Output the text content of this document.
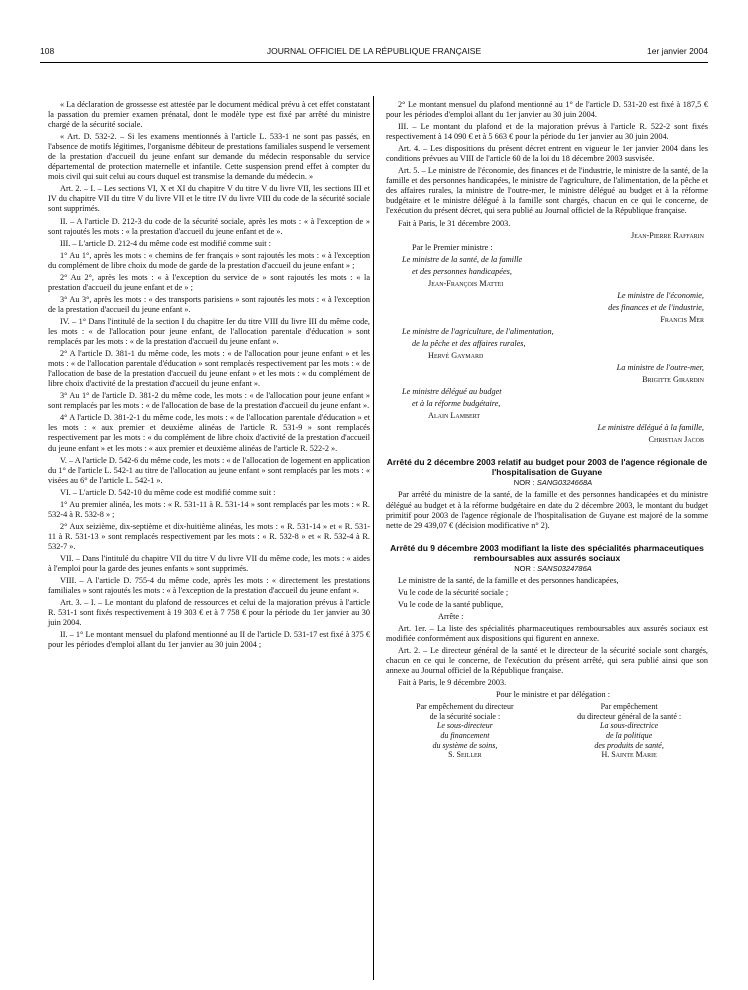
108	JOURNAL OFFICIEL DE LA RÉPUBLIQUE FRANÇAISE	1er janvier 2004

« La déclaration de grossesse est attestée par le document médical prévu à cet effet constatant la passation du premier examen prénatal, dont le modèle type est fixé par arrêté du ministre chargé de la sécurité sociale.

« Art. D. 532-2. – Si les examens mentionnés à l'article L. 533-1 ne sont pas passés, en l'absence de motifs légitimes, l'organisme débiteur de prestations familiales suspend le versement de la prestation d'accueil du jeune enfant sur demande du médecin responsable du service départemental de protection maternelle et infantile. Cette suspension prend effet à compter du mois civil qui suit celui au cours duquel est transmise la demande du médecin. »

Art. 2. – I. – Les sections VI, X et XI du chapitre V du titre V du livre VII, les sections III et IV du chapitre VII du titre V du livre VII et le titre IV du livre VIII du code de la sécurité sociale sont supprimés.

II. – A l'article D. 212-3 du code de la sécurité sociale, après les mots : « à l'exception de » sont rajoutés les mots : « la prestation d'accueil du jeune enfant et de ».

III. – L'article D. 212-4 du même code est modifié comme suit :

1° Au 1°, après les mots : « chemins de fer français » sont rajoutés les mots : « à l'exception du complément de libre choix du mode de garde de la prestation d'accueil du jeune enfant » ;

2° Au 2°, après les mots : « à l'exception du service de » sont rajoutés les mots : « la prestation d'accueil du jeune enfant et de » ;

3° Au 3°, après les mots : « des transports parisiens » sont rajoutés les mots : « à l'exception de la prestation d'accueil du jeune enfant ».

IV. – 1° Dans l'intitulé de la section I du chapitre Ier du titre VIII du livre III du même code, les mots : « de l'allocation pour jeune enfant, de l'allocation parentale d'éducation » sont remplacés par les mots : « de la prestation d'accueil du jeune enfant ».

2° A l'article D. 381-1 du même code, les mots : « de l'allocation pour jeune enfant » et les mots : « de l'allocation parentale d'éducation » sont remplacés respectivement par les mots : « de l'allocation de base de la prestation d'accueil du jeune enfant » et les mots : « du complément de libre choix d'activité de la prestation d'accueil du jeune enfant ».

3° Au 1° de l'article D. 381-2 du même code, les mots : « de l'allocation pour jeune enfant » sont remplacés par les mots : « de l'allocation de base de la prestation d'accueil du jeune enfant ».

4° A l'article D. 381-2-1 du même code, les mots : « de l'allocation parentale d'éducation » et les mots : « aux premier et deuxième alinéas de l'article R. 531-9 » sont remplacés respectivement par les mots : « du complément de libre choix d'activité de la prestation d'accueil du jeune enfant » et les mots : « aux premier et deuxième alinéas de l'article R. 522-2 ».

V. – A l'article D. 542-6 du même code, les mots : « de l'allocation de logement en application du 1° de l'article L. 542-1 au titre de l'allocation au jeune enfant » sont remplacés par les mots : « visées au 6° de l'article L. 542-1 ».

VI. – L'article D. 542-10 du même code est modifié comme suit :

1° Au premier alinéa, les mots : « R. 531-11 à R. 531-14 » sont remplacés par les mots : « R. 532-4 à R. 532-8 » ;

2° Aux seizième, dix-septième et dix-huitième alinéas, les mots : « R. 531-14 » et « R. 531-11 à R. 531-13 » sont remplacés respectivement par les mots : « R. 532-8 » et « R. 532-4 à R. 532-7 ».

VII. – Dans l'intitulé du chapitre VII du titre V du livre VII du même code, les mots : « aides à l'emploi pour la garde des jeunes enfants » sont supprimés.

VIII. – A l'article D. 755-4 du même code, après les mots : « directement les prestations familiales » sont rajoutés les mots : « à l'exception de la prestation d'accueil du jeune enfant ».

Art. 3. – I. – Le montant du plafond de ressources et celui de la majoration prévus à l'article R. 531-1 sont fixés respectivement à 19 303 € et à 7 758 € pour la période du 1er janvier au 30 juin 2004.

II. – 1° Le montant mensuel du plafond mentionné au II de l'article D. 531-17 est fixé à 375 € pour les périodes d'emploi allant du 1er janvier au 30 juin 2004 ;

2° Le montant mensuel du plafond mentionné au 1° de l'article D. 531-20 est fixé à 187,5 € pour les périodes d'emploi allant du 1er janvier au 30 juin 2004.

III. – Le montant du plafond et de la majoration prévus à l'article R. 522-2 sont fixés respectivement à 14 090 € et à 5 663 € pour la période du 1er janvier au 30 juin 2004.

Art. 4. – Les dispositions du présent décret entrent en vigueur le 1er janvier 2004 dans les conditions prévues au VIII de l'article 60 de la loi du 18 décembre 2003 susvisée.

Art. 5. – Le ministre de l'économie, des finances et de l'industrie, le ministre de la santé, de la famille et des personnes handicapées, le ministre de l'agriculture, de l'alimentation, de la pêche et des affaires rurales, la ministre de l'outre-mer, le ministre délégué au budget et à la réforme budgétaire et le ministre délégué à la famille sont chargés, chacun en ce qui le concerne, de l'exécution du présent décret, qui sera publié au Journal officiel de la République française.

Fait à Paris, le 31 décembre 2003.

Jean-Pierre Raffarin

Par le Premier ministre :

Le ministre de la santé, de la famille

et des personnes handicapées,

Jean-François Mattei

Le ministre de l'économie,

des finances et de l'industrie,

Francis Mer

Le ministre de l'agriculture, de l'alimentation,

de la pêche et des affaires rurales,

Hervé Gaymard

La ministre de l'outre-mer,

Brigitte Girardin

Le ministre délégué au budget

et à la réforme budgétaire,

Alain Lambert

Le ministre délégué à la famille,

Christian Jacob

Arrêté du 2 décembre 2003 relatif au budget pour 2003 de l'agence régionale de l'hospitalisation de Guyane

NOR : SANG0324668A

Par arrêté du ministre de la santé, de la famille et des personnes handicapées et du ministre délégué au budget et à la réforme budgétaire en date du 2 décembre 2003, le montant du budget primitif pour 2003 de l'agence régionale de l'hospitalisation de Guyane est majoré de la somme nette de 29 439,07 € (décision modificative n° 2).

Arrêté du 9 décembre 2003 modifiant la liste des spécialités pharmaceutiques remboursables aux assurés sociaux

NOR : SANS0324786A

Le ministre de la santé, de la famille et des personnes handicapées,

Vu le code de la sécurité sociale ;

Vu le code de la santé publique,

Arrête :

Art. 1er. – La liste des spécialités pharmaceutiques remboursables aux assurés sociaux est modifiée conformément aux dispositions qui figurent en annexe.

Art. 2. – Le directeur général de la santé et le directeur de la sécurité sociale sont chargés, chacun en ce qui le concerne, de l'exécution du présent arrêté, qui sera publié ainsi que son annexe au Journal officiel de la République française.

Fait à Paris, le 9 décembre 2003.

Pour le ministre et par délégation :

Par empêchement du directeur
de la sécurité sociale :
Le sous-directeur
du financement
du système de soins,
S. Seiller
Par empêchement
du directeur général de la santé :
La sous-directrice
de la politique
des produits de santé,
H. Sainte Marie
